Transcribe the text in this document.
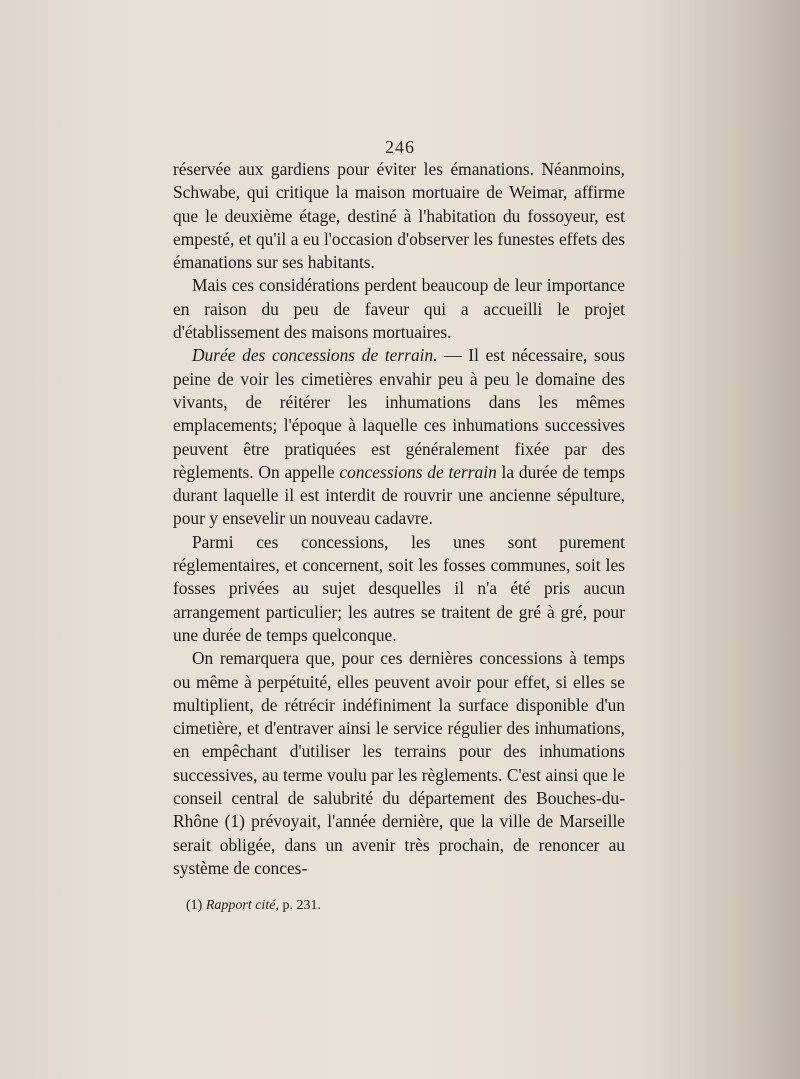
246

réservée aux gardiens pour éviter les émanations. Néanmoins, Schwabe, qui critique la maison mortuaire de Weimar, affirme que le deuxième étage, destiné à l'habitation du fossoyeur, est empesté, et qu'il a eu l'occasion d'observer les funestes effets des émanations sur ses habitants.

Mais ces considérations perdent beaucoup de leur importance en raison du peu de faveur qui a accueilli le projet d'établissement des maisons mortuaires.

Durée des concessions de terrain. — Il est nécessaire, sous peine de voir les cimetières envahir peu à peu le domaine des vivants, de réitérer les inhumations dans les mêmes emplacements; l'époque à laquelle ces inhumations successives peuvent être pratiquées est généralement fixée par des règlements. On appelle concessions de terrain la durée de temps durant laquelle il est interdit de rouvrir une ancienne sépulture, pour y ensevelir un nouveau cadavre.

Parmi ces concessions, les unes sont purement réglementaires, et concernent, soit les fosses communes, soit les fosses privées au sujet desquelles il n'a été pris aucun arrangement particulier; les autres se traitent de gré à gré, pour une durée de temps quelconque.

On remarquera que, pour ces dernières concessions à temps ou même à perpétuité, elles peuvent avoir pour effet, si elles se multiplient, de rétrécir indéfiniment la surface disponible d'un cimetière, et d'entraver ainsi le service régulier des inhumations, en empêchant d'utiliser les terrains pour des inhumations successives, au terme voulu par les règlements. C'est ainsi que le conseil central de salubrité du département des Bouches-du-Rhône (1) prévoyait, l'année dernière, que la ville de Marseille serait obligée, dans un avenir très prochain, de renoncer au système de conces-

(1) Rapport cité, p. 231.
